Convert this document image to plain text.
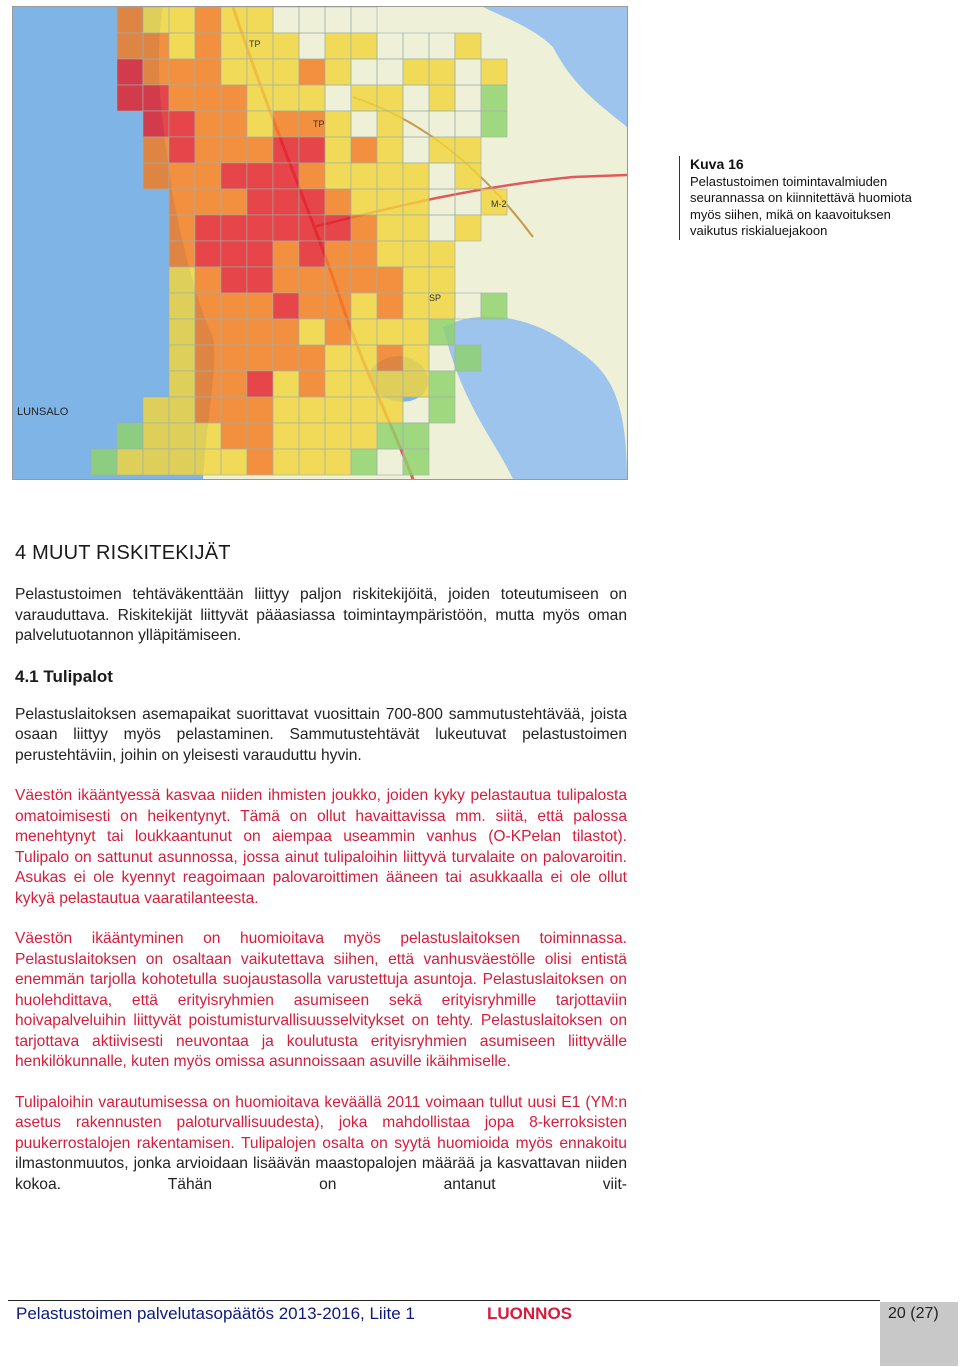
LUNSALO
M-2
TP
SP
TP
Kuva 16
Pelastustoimen toimintavalmiuden
seurannassa on kiinnitettävä huomiota
myös siihen, mikä on kaavoituksen
vaikutus riskialuejakoon
4 MUUT RISKITEKIJÄT

Pelastustoimen tehtäväkenttään liittyy paljon riskitekijöitä, joiden toteutumiseen on varauduttava. Riskitekijät liittyvät pääasiassa toimintaympäristöön, mutta myös oman palvelutuotannon ylläpitämiseen.

4.1 Tulipalot

Pelastuslaitoksen asemapaikat suorittavat vuosittain 700-800 sammutustehtävää, joista osaan liittyy myös pelastaminen. Sammutustehtävät lukeutuvat pelastustoimen perustehtäviin, joihin on yleisesti varauduttu hyvin.

Väestön ikääntyessä kasvaa niiden ihmisten joukko, joiden kyky pelastautua tulipalosta omatoimisesti on heikentynyt. Tämä on ollut havaittavissa mm. siitä, että palossa menehtynyt tai loukkaantunut on aiempaa useammin vanhus (O-KPelan tilastot). Tulipalo on sattunut asunnossa, jossa ainut tulipaloihin liittyvä turvalaite on palovaroitin. Asukas ei ole kyennyt reagoimaan palovaroittimen ääneen tai asukkaalla ei ole ollut kykyä pelastautua vaaratilanteesta.

Väestön ikääntyminen on huomioitava myös pelastuslaitoksen toiminnassa. Pelastuslaitoksen on osaltaan vaikutettava siihen, että vanhusväestölle olisi entistä enemmän tarjolla kohotetulla suojaustasolla varustettuja asuntoja. Pelastuslaitoksen on huolehdittava, että erityisryhmien asumiseen sekä erityisryhmille tarjottaviin hoivapalveluihin liittyvät poistumisturvallisuusselvitykset on tehty. Pelastuslaitoksen on tarjottava aktiivisesti neuvontaa ja koulutusta erityisryhmien asumiseen liittyvälle henkilökunnalle, kuten myös omissa asunnoissaan asuville ikäihmiselle.

Tulipaloihin varautumisessa on huomioitava keväällä 2011 voimaan tullut uusi E1 (YM:n asetus rakennusten paloturvallisuudesta), joka mahdollistaa jopa 8-kerroksisten puukerrostalojen rakentamisen. Tulipalojen osalta on syytä huomioida myös ennakoitu ilmastonmuutos, jonka arvioidaan lisäävän maastopalojen määrää ja kasvattavan niiden kokoa. Tähän on antanut viit-

Pelastustoimen palvelutasopäätös 2013-2016, Liite 1	LUONNOS	20 (27)
